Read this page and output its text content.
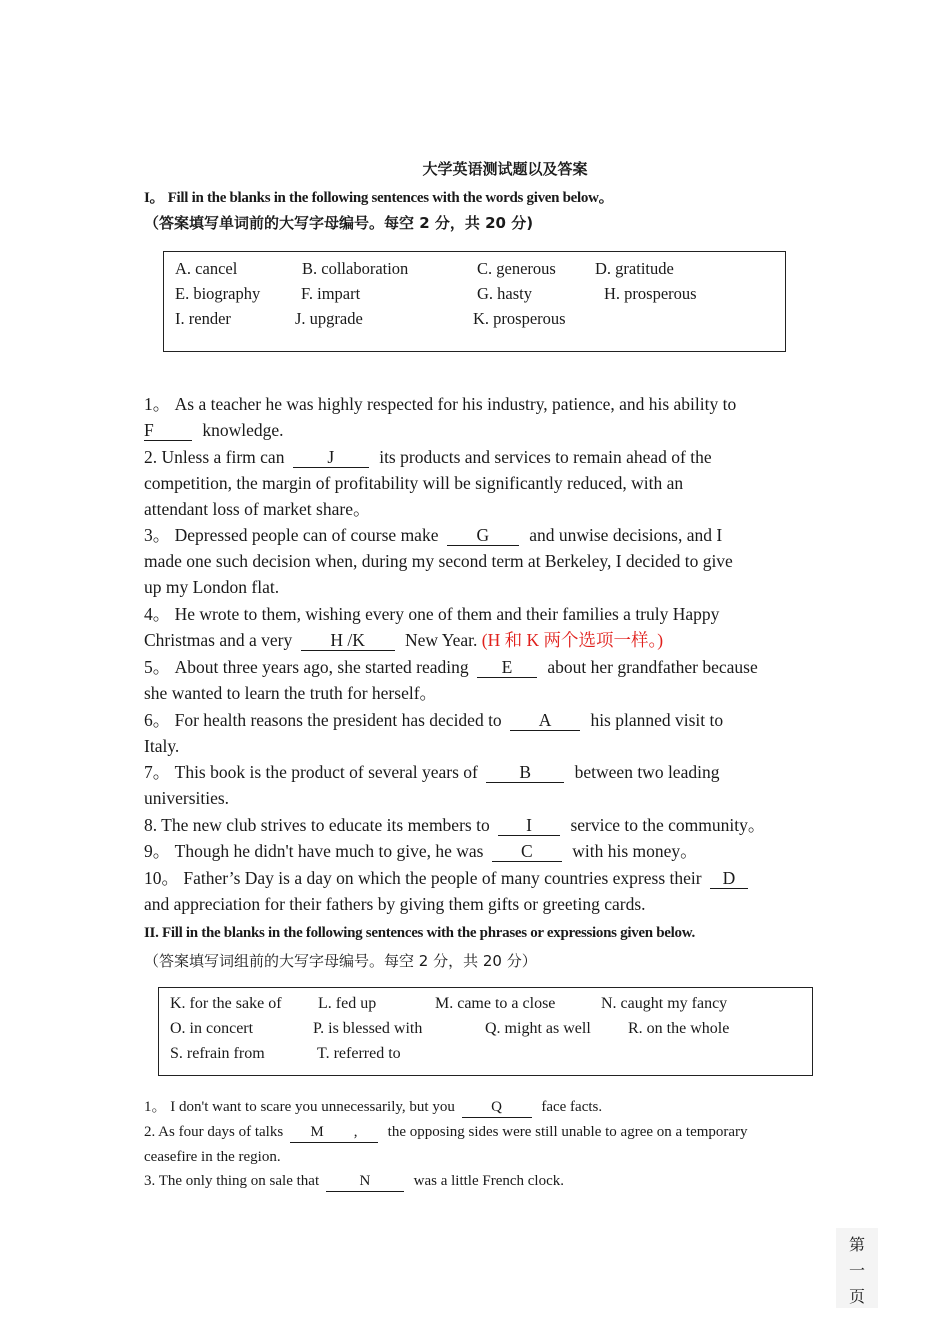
大学英语测试题以及答案
I。 Fill in the blanks in the following sentences with the words given below。
（答案填写单词前的大写字母编号。每空 2 分，共 20 分)
A. cancel	B. collaboration	C. generous D. gratitude
E. biography F. impart	G. hasty	H. prosperous
I. render	J. upgrade	K. prosperous
1。 As a teacher he was highly respected for his industry, patience, and his ability to
F	knowledge.
2. Unless a firm can J	its products and services to remain ahead of the
competition, the margin of profitability will be significantly reduced, with an
attendant loss of market share。
3。 Depressed people can of course make G and unwise decisions, and I
made one such decision when, during my second term at Berkeley, I decided to give
up my London flat.
4。 He wrote to them, wishing every one of them and their families a truly Happy
Christmas and a very H /K New Year. (H 和 K 两个选项一样。)
5。 About three years ago, she started reading E about her grandfather because
she wanted to learn the truth for herself。
6。 For health reasons the president has decided to A his planned visit to
Italy.
7。 This book is the product of several years of B between two leading
universities.
8. The new club strives to educate its members to I service to the community。
9。 Though he didn't have much to give, he was C with his money。
10。 Father’s Day is a day on which the people of many countries express their D
and appreciation for their fathers by giving them gifts or greeting cards.
II. Fill in the blanks in the following sentences with the phrases or expressions given below.
（答案填写词组前的大写字母编号。每空 2 分，共 20 分）
K. for the sake of L. fed up	M. came to a close	N. caught my fancy
O. in concert	P. is blessed with	Q. might as well R. on the whole
S. refrain from	T. referred to
1。 I don't want to scare you unnecessarily, but you Q	face facts.
2. As four days of talks M        , the opposing sides were still unable to agree on a temporary
ceasefire in the region.
3. The only thing on sale that	N	was a little French clock.
第
一
页
